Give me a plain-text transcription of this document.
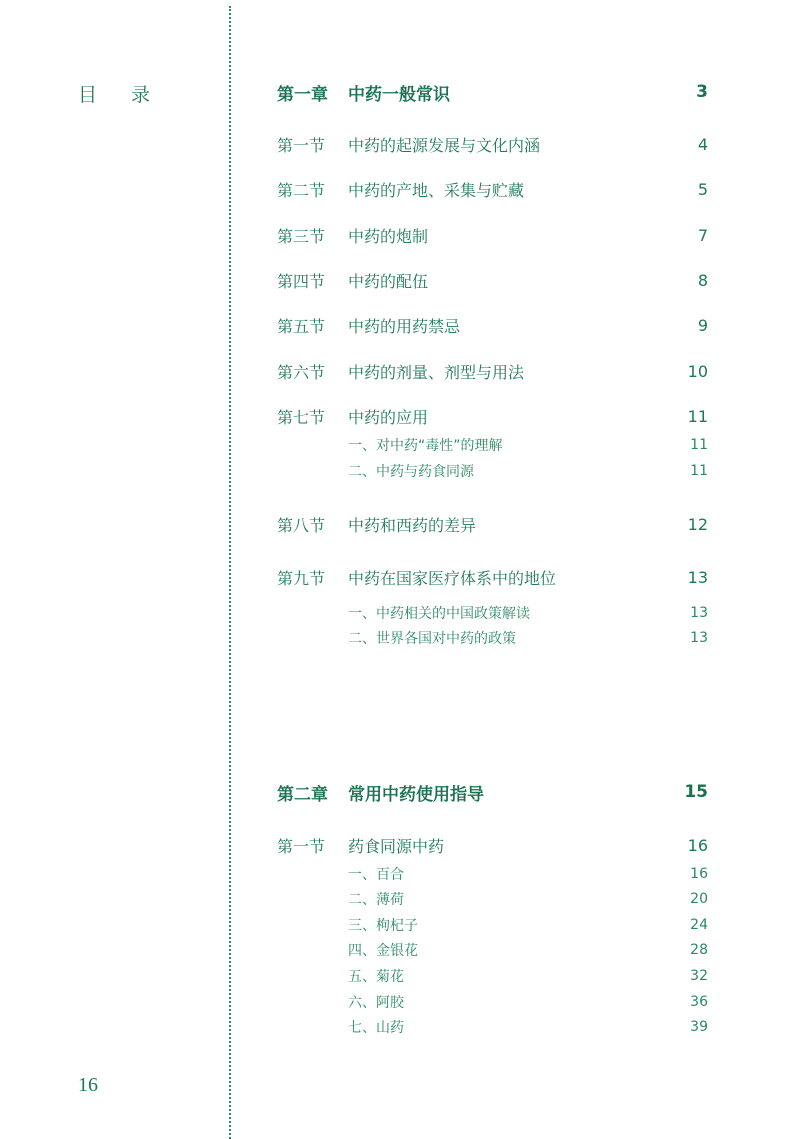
目 录	第一章	中药一般常识	3
第一节	中药的起源发展与文化内涵	4
第二节	中药的产地、采集与贮藏	5
第三节	中药的炮制	7
第四节	中药的配伍	8
第五节	中药的用药禁忌	9
第六节	中药的剂量、剂型与用法	10
第七节	中药的应用	11
一、对中药“毒性”的理解	11
二、中药与药食同源	11
第八节	中药和西药的差异	12
第九节	中药在国家医疗体系中的地位	13
一、中药相关的中国政策解读	13
二、世界各国对中药的政策	13
第二章	常用中药使用指导	15
第一节	药食同源中药	16
一、百合	16
二、薄荷	20
三、枸杞子	24
四、金银花	28
五、菊花	32
六、阿胶	36
七、山药	39
16
